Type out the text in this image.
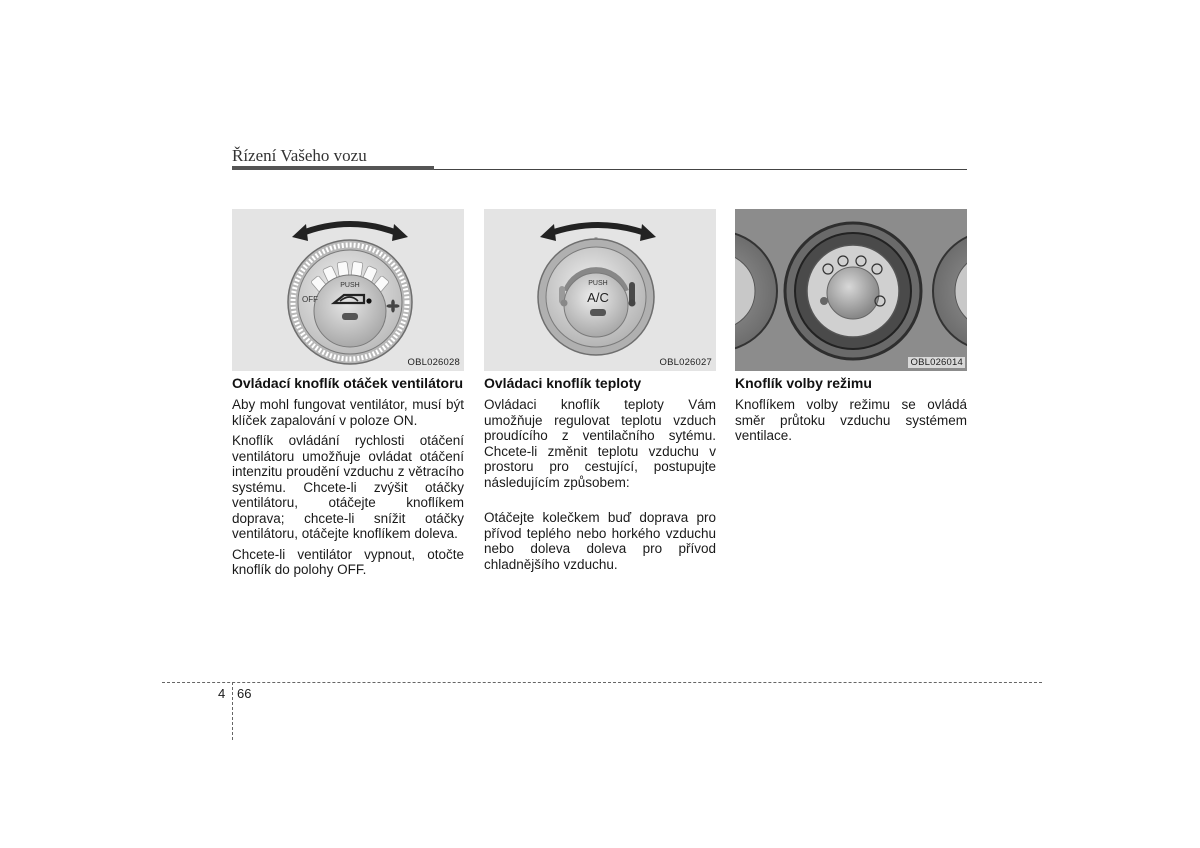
Řízení Vašeho vozu
PUSH
OFF
OBL026028
Ovládací knoflík otáček ventilátoru

Aby mohl fungovat ventilátor, musí být klíček zapalování v poloze ON.

Knoflík ovládání rychlosti otáčení ventilátoru umožňuje ovládat otáčení intenzitu proudění vzduchu z větracího systému. Chcete-li zvýšit otáčky ventilátoru, otáčejte knoflíkem doprava; chcete-li snížit otáčky ventilátoru, otáčejte knoflíkem doleva.

Chcete-li ventilátor vypnout, otočte knoflík do polohy OFF.

PUSH
A/C
OBL026027
Ovládaci knoflík teploty

Ovládaci knoflík teploty Vám umožňuje regulovat teplotu vzduch proudícího z ventilačního sytému. Chcete-li změnit teplotu vzduchu v prostoru pro cestující, postupujte následujícím způsobem:

Otáčejte kolečkem buď doprava pro přívod teplého nebo horkého vzduchu nebo doleva doleva pro přívod chladnějšího vzduchu.

OBL026014
Knoflík volby režimu

Knoflíkem volby režimu se ovládá směr průtoku vzduchu systémem ventilace.

4 66
